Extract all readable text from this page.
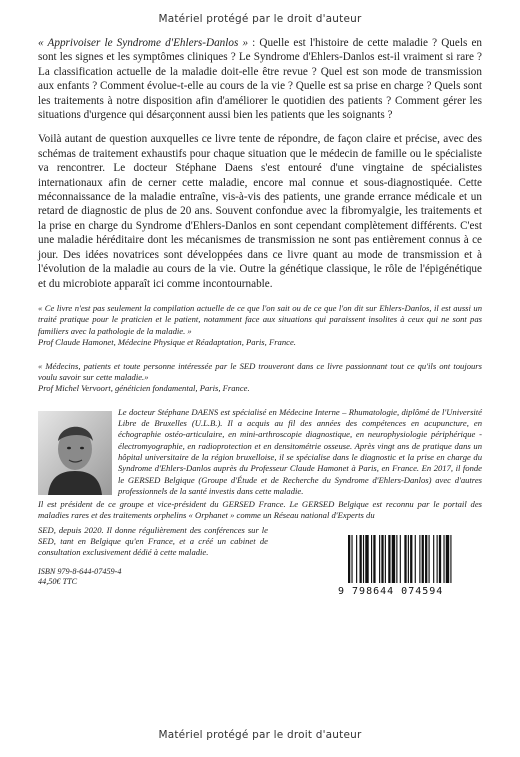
Matériel protégé par le droit d'auteur

« Apprivoiser le Syndrome d'Ehlers-Danlos » : Quelle est l'histoire de cette maladie ? Quels en sont les signes et les symptômes cliniques ? Le Syndrome d'Ehlers-Danlos est-il vraiment si rare ? La classification actuelle de la maladie doit-elle être revue ? Quel est son mode de transmission aux enfants ? Comment évolue-t-elle au cours de la vie ? Quelle est sa prise en charge ? Quels sont les traitements à notre disposition afin d'améliorer le quotidien des patients ? Comment gérer les situations d'urgence qui désarçonnent aussi bien les patients que les soignants ?

Voilà autant de question auxquelles ce livre tente de répondre, de façon claire et précise, avec des schémas de traitement exhaustifs pour chaque situation que le médecin de famille ou le spécialiste va rencontrer. Le docteur Stéphane Daens s'est entouré d'une vingtaine de spécialistes internationaux afin de cerner cette maladie, encore mal connue et sous-diagnostiquée. Cette méconnaissance de la maladie entraîne, vis-à-vis des patients, une grande errance médicale et un retard de diagnostic de plus de 20 ans. Souvent confondue avec la fibromyalgie, les traitements et la prise en charge du Syndrome d'Ehlers-Danlos en sont cependant complètement différents. C'est une maladie héréditaire dont les mécanismes de transmission ne sont pas entièrement connus à ce jour. Des idées novatrices sont développées dans ce livre quant au mode de transmission et à l'évolution de la maladie au cours de la vie. Outre la génétique classique, le rôle de l'épigénétique et du microbiote apparaît ici comme incontournable.

« Ce livre n'est pas seulement la compilation actuelle de ce que l'on sait ou de ce que l'on dit sur Ehlers-Danlos, il est aussi un traité pratique pour le praticien et le patient, notamment face aux situations qui paraissent insolites à ceux qui ne sont pas familiers avec la pathologie de la maladie. »

Prof Claude Hamonet, Médecine Physique et Réadaptation, Paris, France.

« Médecins, patients et toute personne intéressée par le SED trouveront dans ce livre passionnant tout ce qu'ils ont toujours voulu savoir sur cette maladie.»

Prof Michel Vervoort, généticien fondamental, Paris, France.

Le docteur Stéphane DAENS est spécialisé en Médecine Interne – Rhumatologie, diplômé de l'Université Libre de Bruxelles (U.L.B.). Il a acquis au fil des années des compétences en acupuncture, en échographie ostéo-articulaire, en mini-arthroscopie diagnostique, en neurophysiologie périphérique - électromyographie, en radioprotection et en densitométrie osseuse. Après vingt ans de pratique dans un hôpital universitaire de la région bruxelloise, il se spécialise dans le diagnostic et la prise en charge du Syndrome d'Ehlers-Danlos auprès du Professeur Claude Hamonet à Paris, en France. En 2017, il fonde le GERSED Belgique (Groupe d'Étude et de Recherche du Syndrome d'Ehlers-Danlos) avec d'autres professionnels de la santé investis dans cette maladie.

Il est président de ce groupe et vice-président du GERSED France. Le GERSED Belgique est reconnu par le portail des maladies rares et des traitements orphelins « Orphanet » comme un Réseau national d'Experts du

SED, depuis 2020. Il donne régulièrement des conférences sur le SED, tant en Belgique qu'en France, et a créé un cabinet de consultation exclusivement dédié à cette maladie.

ISBN 979-8-644-07459-4
44,50€ TTC
9 798644 074594
Matériel protégé par le droit d'auteur
